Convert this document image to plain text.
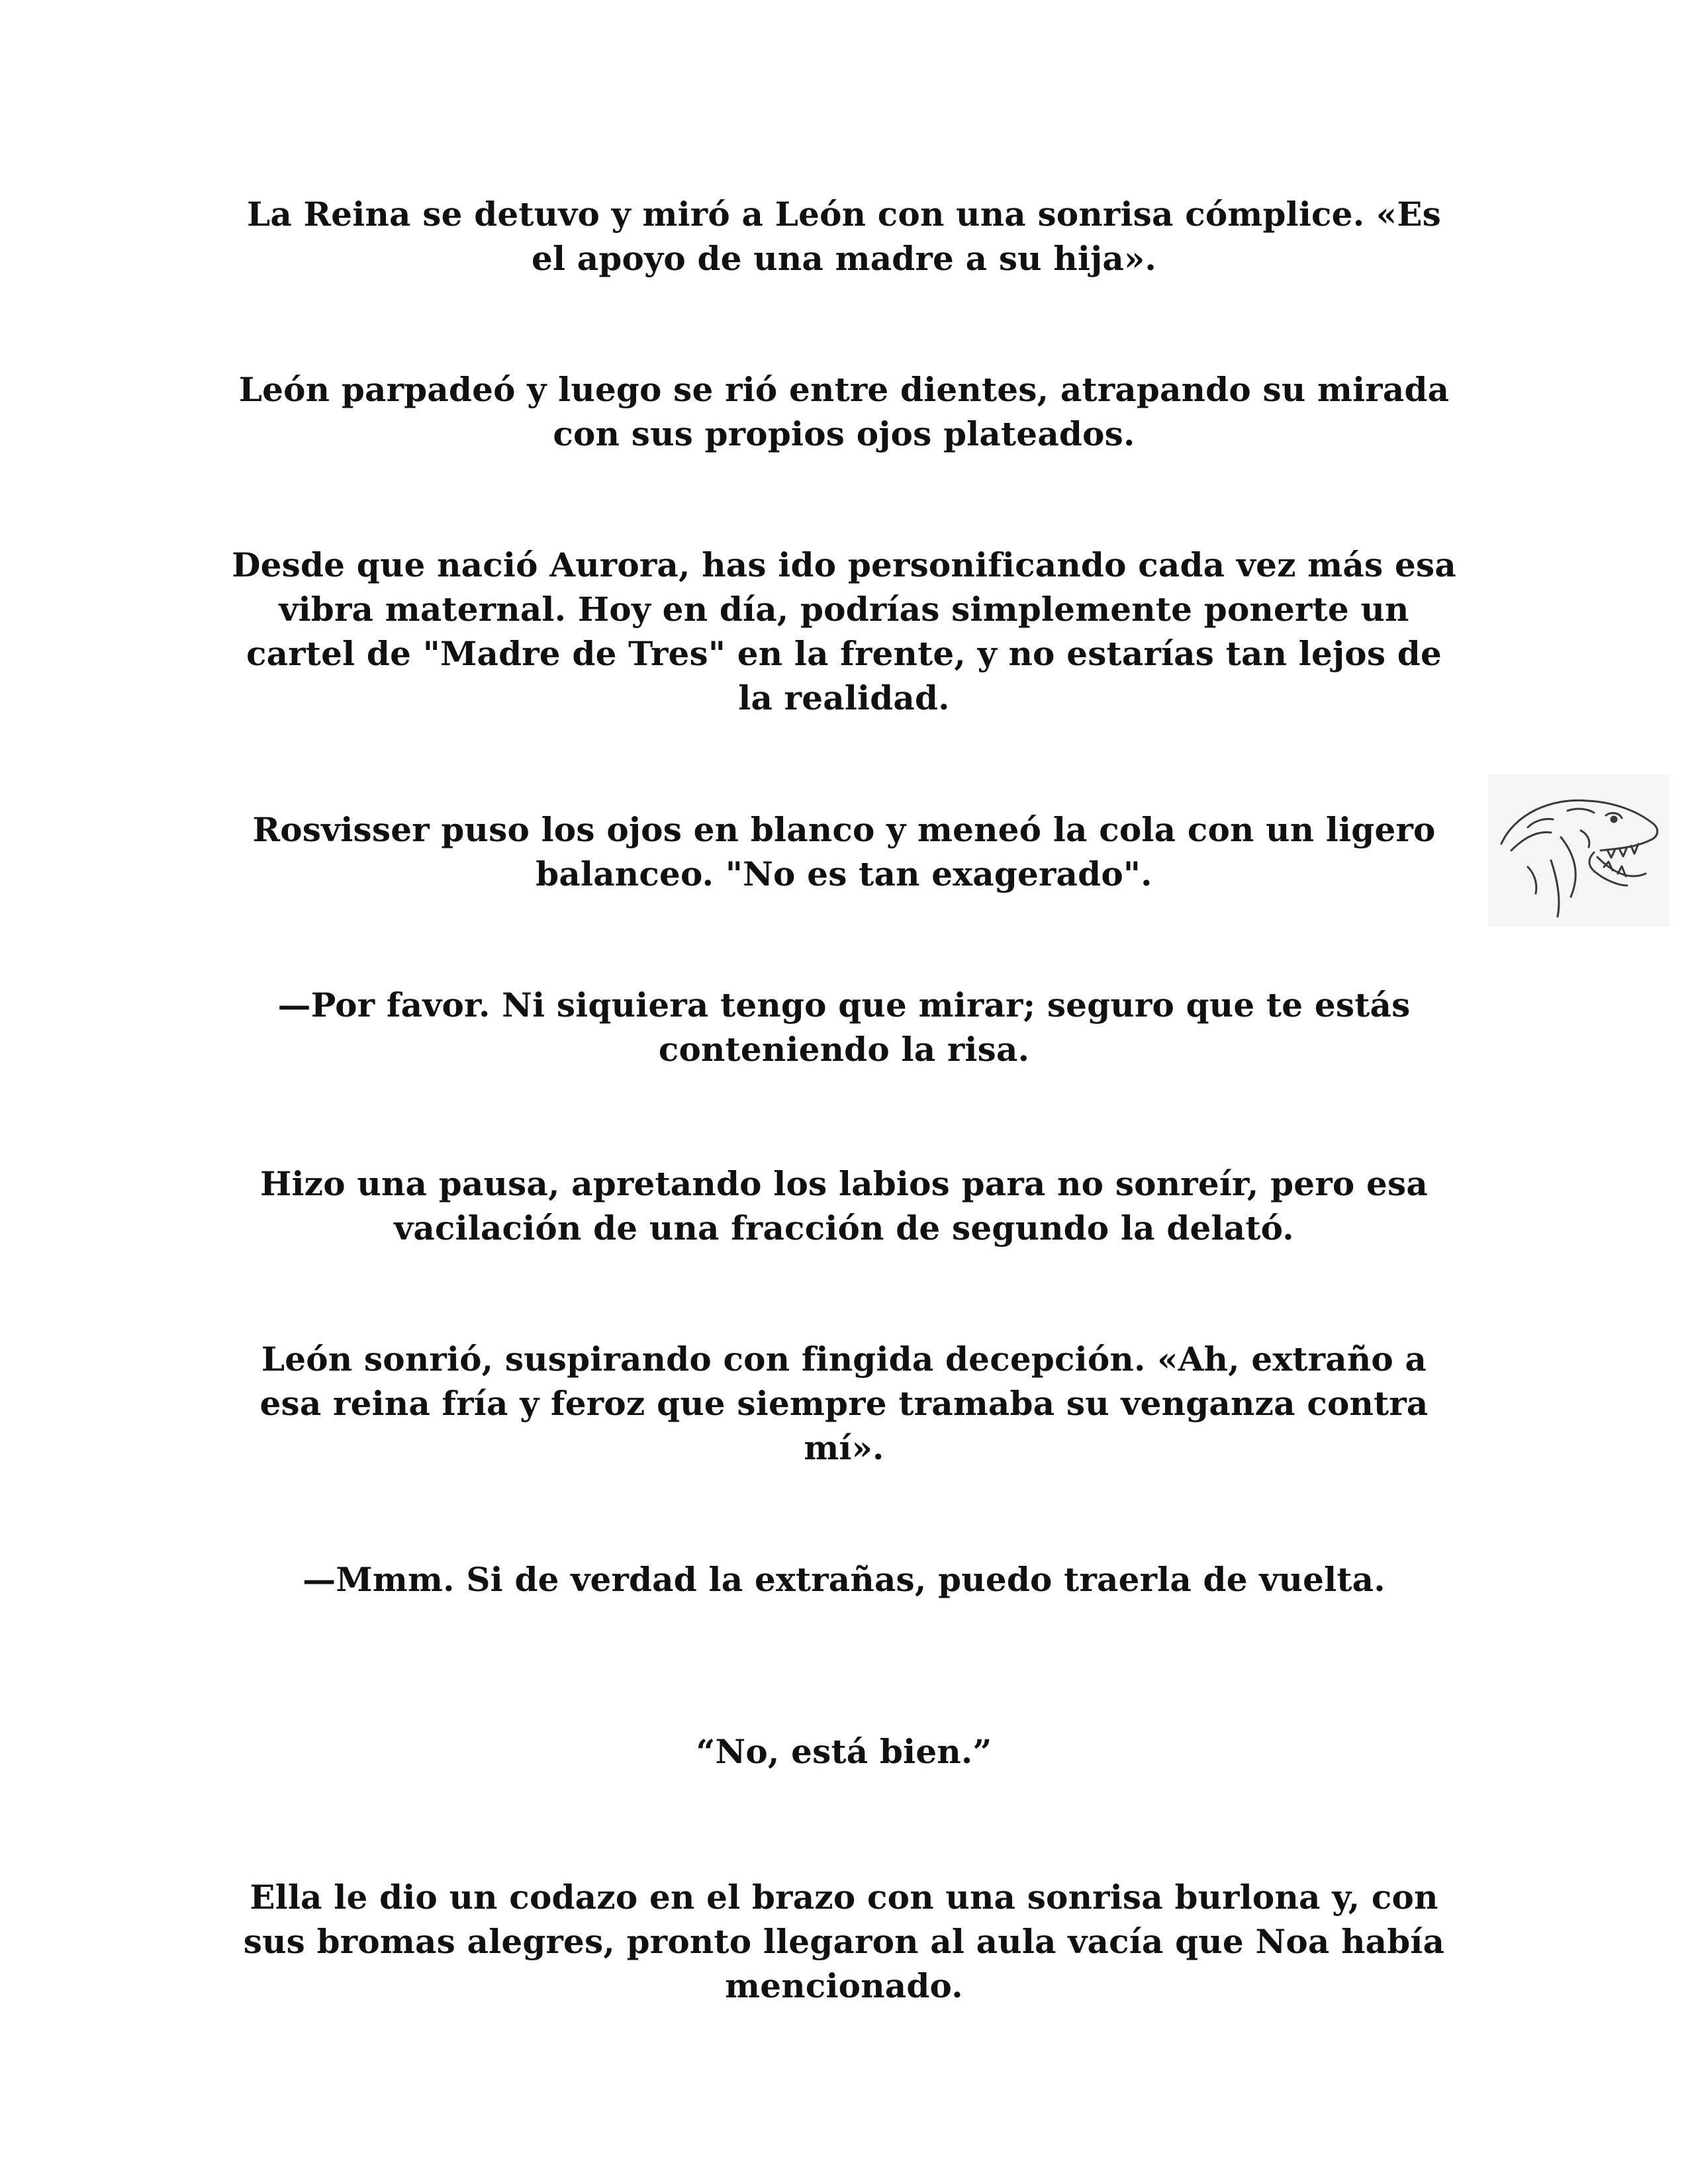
La Reina se detuvo y miró a León con una sonrisa cómplice. «Es el apoyo de una madre a su hija».

León parpadeó y luego se rió entre dientes, atrapando su mirada con sus propios ojos plateados.

Desde que nació Aurora, has ido personificando cada vez más esa vibra maternal. Hoy en día, podrías simplemente ponerte un cartel de "Madre de Tres" en la frente, y no estarías tan lejos de la realidad.

Rosvisser puso los ojos en blanco y meneó la cola con un ligero balanceo. "No es tan exagerado".

—Por favor. Ni siquiera tengo que mirar; seguro que te estás conteniendo la risa.

Hizo una pausa, apretando los labios para no sonreír, pero esa vacilación de una fracción de segundo la delató.

León sonrió, suspirando con fingida decepción. «Ah, extraño a esa reina fría y feroz que siempre tramaba su venganza contra mí».

—Mmm. Si de verdad la extrañas, puedo traerla de vuelta.

“No, está bien.”

Ella le dio un codazo en el brazo con una sonrisa burlona y, con sus bromas alegres, pronto llegaron al aula vacía que Noa había mencionado.
